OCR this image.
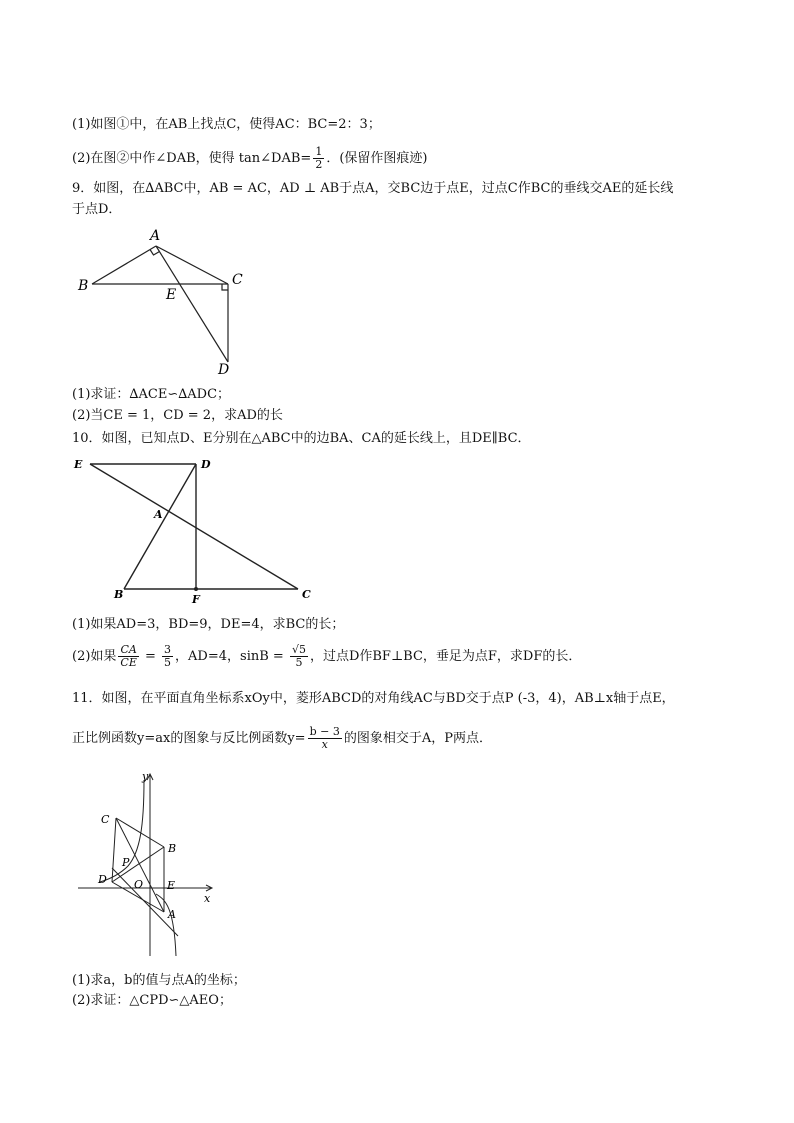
(1)如图①中，在AB上找点C，使得AC：BC=2：3；
(2)在图②中作∠DAB，使得 tan∠DAB= $\frac{1}{2}$ ．(保留作图痕迹)
9．如图，在∆ABC中，AB = AC，AD ⊥ AB于点A，交BC边于点E，过点C作BC的垂线交AE的延长线
于点D．
A
B	C
E
D
(1)求证：∆ACE∽∆ADC；
(2)当CE = 1，CD = 2，求AD的长
10．如图，已知点D、E分别在△ABC中的边BA、CA的延长线上，且DE∥BC．
E	D
A
B	F	C
(1)如果AD=3，BD=9，DE=4，求BC的长；
(2)如果 $\frac{CA}{CE} = \frac{3}{5}$ ，AD=4，$\sin B = \frac{√5}{5}$ ，过点D作BF⊥BC，垂足为点F，求DF的长．
11．如图，在平面直角坐标系xOy中，菱形ABCD的对角线AC与BD交于点P (-3，4)，AB⊥x轴于点E，
正比例函数y=ax的图象与反比例函数$y= \frac{b - 3}{x}$ 的图象相交于A，P两点．
y
x
C
B
P
D O E
A
(1)求a，b的值与点A的坐标；
(2)求证：△CPD∽△AEO；
